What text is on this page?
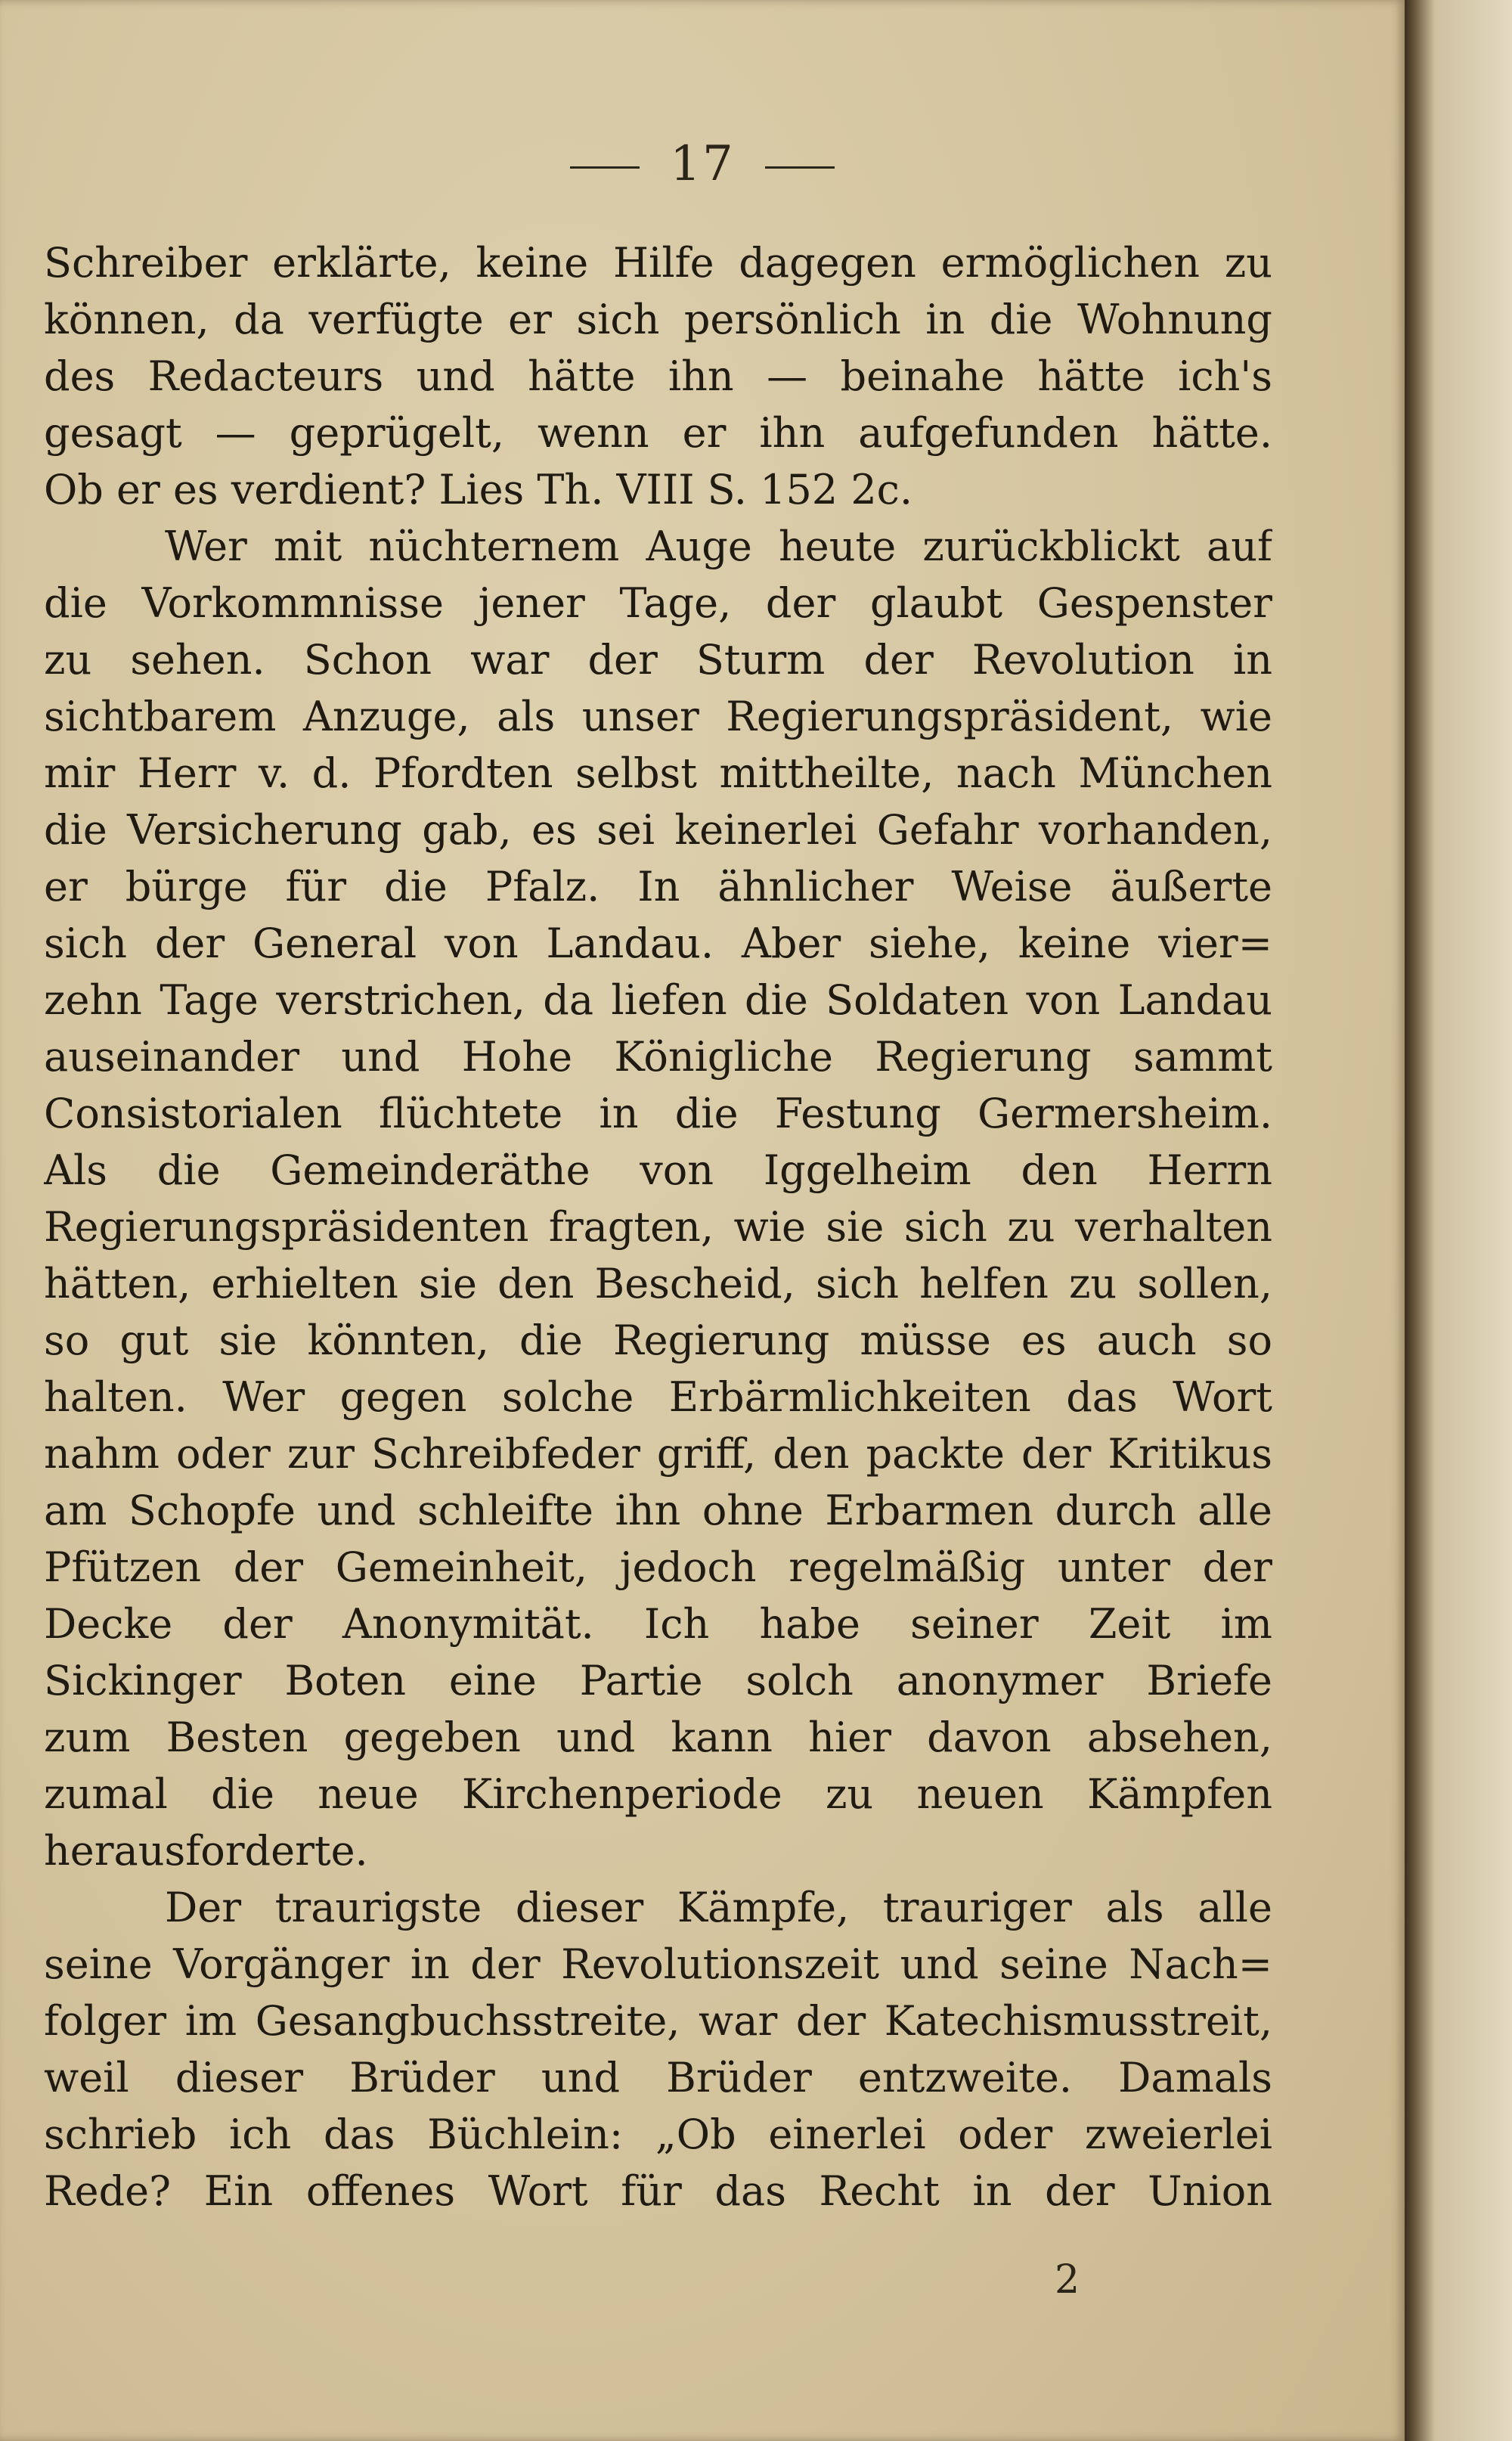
17
Schreiber erklärte, keine Hilfe dagegen ermöglichen zu
können, da verfügte er sich persönlich in die Wohnung
des Redacteurs und hätte ihn — beinahe hätte ich's
gesagt — geprügelt, wenn er ihn aufgefunden hätte.
Ob er es verdient? Lies Th. VIII S. 152 2c.
Wer mit nüchternem Auge heute zurückblickt auf
die Vorkommnisse jener Tage, der glaubt Gespenster
zu sehen. Schon war der Sturm der Revolution in
sichtbarem Anzuge, als unser Regierungspräsident, wie
mir Herr v. d. Pfordten selbst mittheilte, nach München
die Versicherung gab, es sei keinerlei Gefahr vorhanden,
er bürge für die Pfalz. In ähnlicher Weise äußerte
sich der General von Landau. Aber siehe, keine vier=
zehn Tage verstrichen, da liefen die Soldaten von Landau
auseinander und Hohe Königliche Regierung sammt
Consistorialen flüchtete in die Festung Germersheim.
Als die Gemeinderäthe von Iggelheim den Herrn
Regierungspräsidenten fragten, wie sie sich zu verhalten
hätten, erhielten sie den Bescheid, sich helfen zu sollen,
so gut sie könnten, die Regierung müsse es auch so
halten. Wer gegen solche Erbärmlichkeiten das Wort
nahm oder zur Schreibfeder griff, den packte der Kritikus
am Schopfe und schleifte ihn ohne Erbarmen durch alle
Pfützen der Gemeinheit, jedoch regelmäßig unter der
Decke der Anonymität. Ich habe seiner Zeit im
Sickinger Boten eine Partie solch anonymer Briefe
zum Besten gegeben und kann hier davon absehen,
zumal die neue Kirchenperiode zu neuen Kämpfen
herausforderte.
Der traurigste dieser Kämpfe, trauriger als alle
seine Vorgänger in der Revolutionszeit und seine Nach=
folger im Gesangbuchsstreite, war der Katechismusstreit,
weil dieser Brüder und Brüder entzweite. Damals
schrieb ich das Büchlein: „Ob einerlei oder zweierlei
Rede? Ein offenes Wort für das Recht in der Union
2
